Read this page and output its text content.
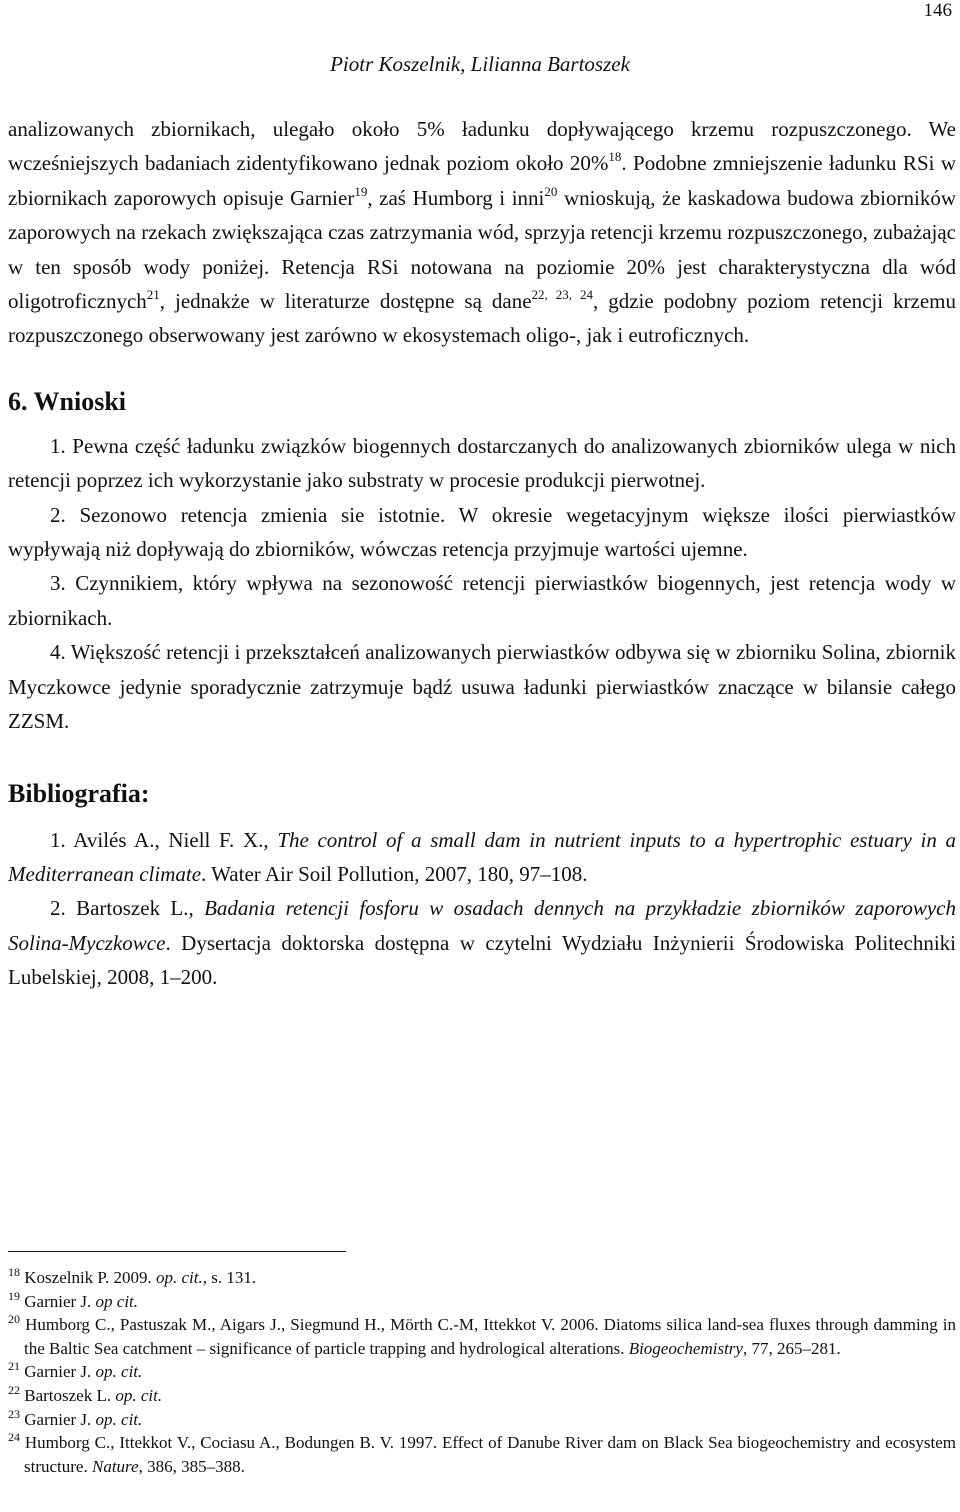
146
Piotr Koszelnik, Lilianna Bartoszek

analizowanych zbiornikach, ulegało około 5% ładunku dopływającego krzemu rozpuszczonego. We wcześniejszych badaniach zidentyfikowano jednak poziom około 20%$^{18}$. Podobne zmniejszenie ładunku RSi w zbiornikach zaporowych opisuje Garnier$^{19}$, zaś Humborg i inni$^{20}$ wnioskują, że kaskadowa budowa zbiorników zaporowych na rzekach zwiększająca czas zatrzymania wód, sprzyja retencji krzemu rozpuszczonego, zubażając w ten sposób wody poniżej. Retencja RSi notowana na poziomie 20% jest charakterystyczna dla wód oligotroficznych$^{21}$, jednakże w literaturze dostępne są dane$^{22, 23, 24}$, gdzie podobny poziom retencji krzemu rozpuszczonego obserwowany jest zarówno w ekosystemach oligo-, jak i eutroficznych.

6. Wnioski

1. Pewna część ładunku związków biogennych dostarczanych do analizowanych zbiorników ulega w nich retencji poprzez ich wykorzystanie jako substraty w procesie produkcji pierwotnej.

2. Sezonowo retencja zmienia sie istotnie. W okresie wegetacyjnym większe ilości pierwiastków wypływają niż dopływają do zbiorników, wówczas retencja przyjmuje wartości ujemne.

3. Czynnikiem, który wpływa na sezonowość retencji pierwiastków biogennych, jest retencja wody w zbiornikach.

4. Większość retencji i przekształceń analizowanych pierwiastków odbywa się w zbiorniku Solina, zbiornik Myczkowce jedynie sporadycznie zatrzymuje bądź usuwa ładunki pierwiastków znaczące w bilansie całego ZZSM.

Bibliografia:

1. Avilés A., Niell F. X., The control of a small dam in nutrient inputs to a hypertrophic estuary in a Mediterranean climate. Water Air Soil Pollution, 2007, 180, 97–108.

2. Bartoszek L., Badania retencji fosforu w osadach dennych na przykładzie zbiorników zaporowych Solina-Myczkowce. Dysertacja doktorska dostępna w czytelni Wydziału Inżynierii Środowiska Politechniki Lubelskiej, 2008, 1–200.

$^{18}$ Koszelnik P. 2009. op. cit., s. 131.

$^{19}$ Garnier J. op cit.

$^{20}$ Humborg C., Pastuszak M., Aigars J., Siegmund H., Mörth C.-M, Ittekkot V. 2006. Diatoms silica land-sea fluxes through damming in the Baltic Sea catchment – significance of particle trapping and hydrological alterations. Biogeochemistry, 77, 265–281.

$^{21}$ Garnier J. op. cit.

$^{22}$ Bartoszek L. op. cit.

$^{23}$ Garnier J. op. cit.

$^{24}$ Humborg C., Ittekkot V., Cociasu A., Bodungen B. V. 1997. Effect of Danube River dam on Black Sea biogeochemistry and ecosystem structure. Nature, 386, 385–388.
